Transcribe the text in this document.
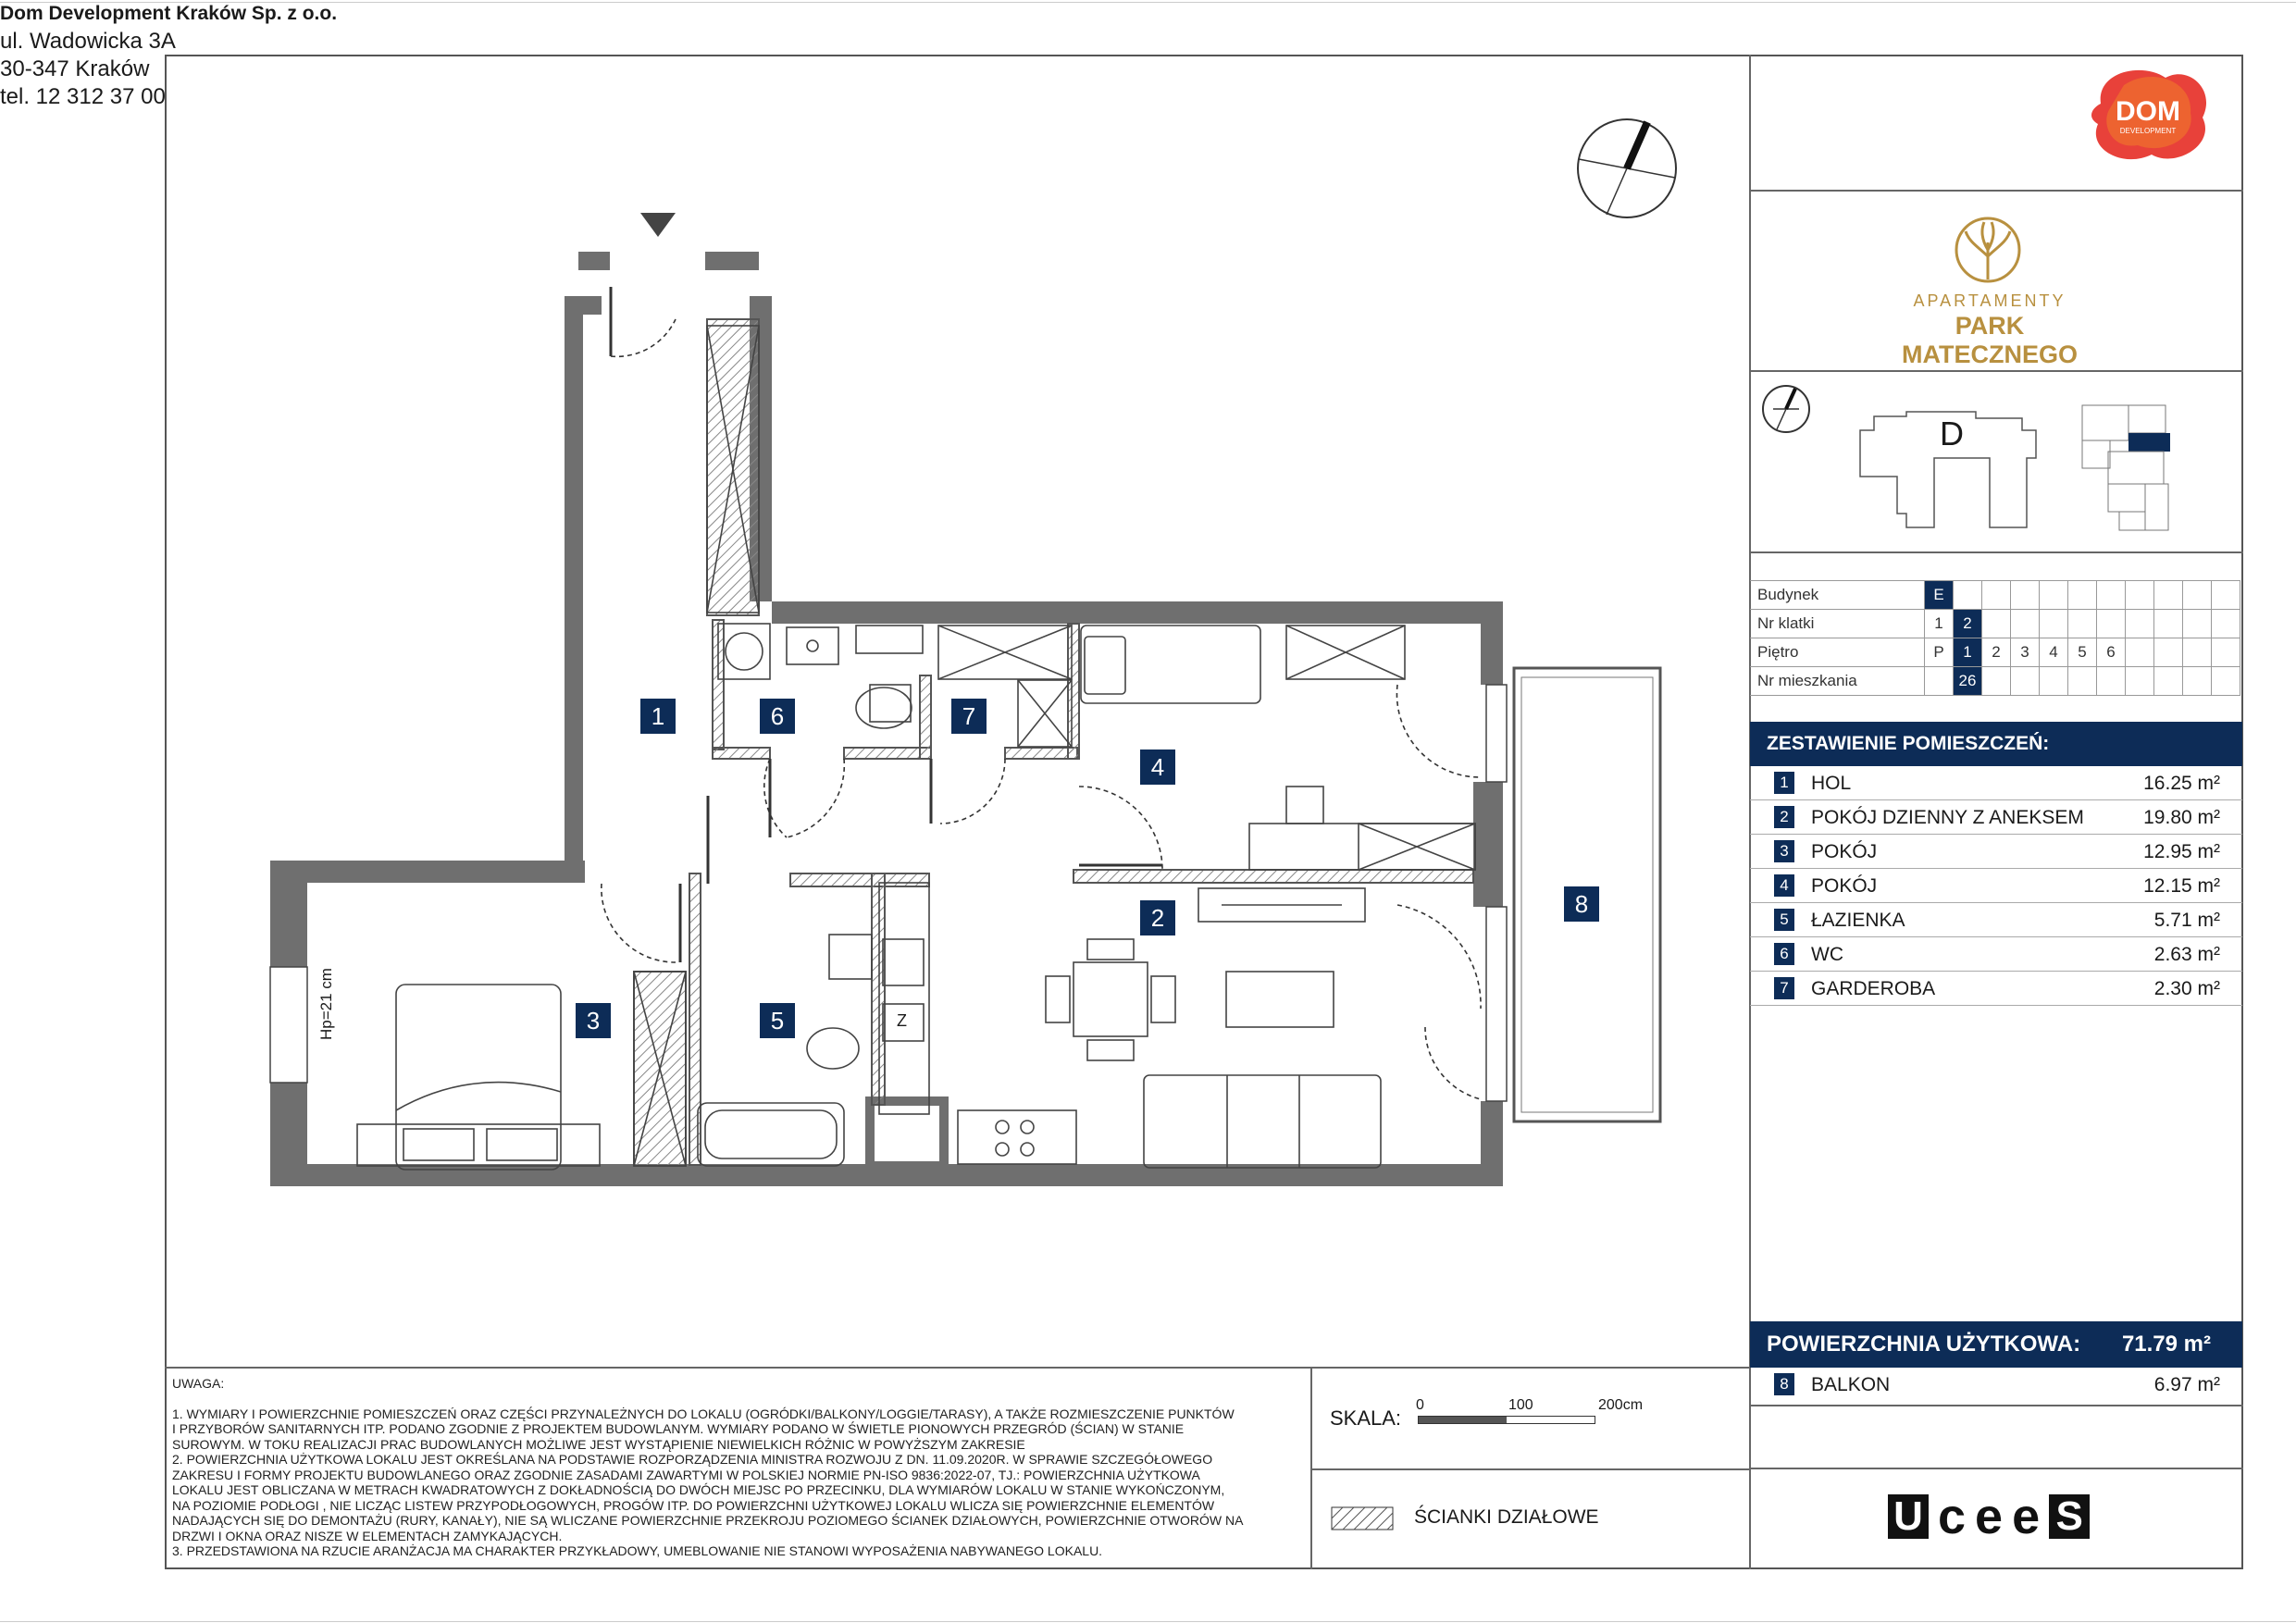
Dom Development Kraków Sp. z o.o.
ul. Wadowicka 3A
30-347 Kraków
tel. 12 312 37 00	DOM
DEVELOPMENT
APARTAMENTY
PARK MATECZNEGO
D
Budynek	E										
Nr klatki	1	2									
Piętro	P	1	2	3	4	5	6				
Nr mieszkania		26									
ZESTAWIENIE POMIESZCZEŃ:
1 HOL	16.25 m²
2 POKÓJ DZIENNY Z ANEKSEM	19.80 m²
3 POKÓJ	12.95 m²
4 POKÓJ	12.15 m²
5 ŁAZIENKA	5.71 m²
6 WC	2.63 m²
7 GARDEROBA	2.30 m²
POWIERZCHNIA UŻYTKOWA: 71.79 m²
8 BALKON	6.97 m²
U c e e S
UWAGA:

1. WYMIARY I POWIERZCHNIE POMIESZCZEŃ ORAZ CZĘŚCI PRZYNALEŻNYCH DO LOKALU (OGRÓDKI/BALKONY/LOGGIE/TARASY), A TAKŻE ROZMIESZCZENIE PUNKTÓW

I PRZYBORÓW SANITARNYCH ITP. PODANO ZGODNIE Z PROJEKTEM BUDOWLANYM. WYMIARY PODANO W ŚWIETLE PIONOWYCH PRZEGRÓD (ŚCIAN) W STANIE

SUROWYM. W TOKU REALIZACJI PRAC BUDOWLANYCH MOŻLIWE JEST WYSTĄPIENIE NIEWIELKICH RÓŻNIC W POWYŻSZYM ZAKRESIE

2. POWIERZCHNIA UŻYTKOWA LOKALU JEST OKREŚLANA NA PODSTAWIE ROZPORZĄDZENIA MINISTRA ROZWOJU Z DN. 11.09.2020R. W SPRAWIE SZCZEGÓŁOWEGO

ZAKRESU I FORMY PROJEKTU BUDOWLANEGO ORAZ ZGODNIE ZASADAMI ZAWARTYMI W POLSKIEJ NORMIE PN-ISO 9836:2022-07, TJ.: POWIERZCHNIA UŻYTKOWA

LOKALU JEST OBLICZANA W METRACH KWADRATOWYCH Z DOKŁADNOŚCIĄ DO DWÓCH MIEJSC PO PRZECINKU, DLA WYMIARÓW LOKALU W STANIE WYKOŃCZONYM,

NA POZIOMIE PODŁOGI , NIE LICZĄC LISTEW PRZYPODŁOGOWYCH, PROGÓW ITP. DO POWIERZCHNI UŻYTKOWEJ LOKALU WLICZA SIĘ POWIERZCHNIE ELEMENTÓW

NADAJĄCYCH SIĘ DO DEMONTAŻU (RURY, KANAŁY), NIE SĄ WLICZANE POWIERZCHNIE PRZEKROJU POZIOMEGO ŚCIANEK DZIAŁOWYCH, POWIERZCHNIE OTWORÓW NA

DRZWI I OKNA ORAZ NISZE W ELEMENTACH ZAMYKAJĄCYCH.

3. PRZEDSTAWIONA NA RZUCIE ARANŻACJA MA CHARAKTER PRZYKŁADOWY, UMEBLOWANIE NIE STANOWI WYPOSAŻENIA NABYWANEGO LOKALU.

SKALA:
0	100	200cm
ŚCIANKI DZIAŁOWE
1
2
3
4
5
6	7
8
Hp=21 cm	Z
